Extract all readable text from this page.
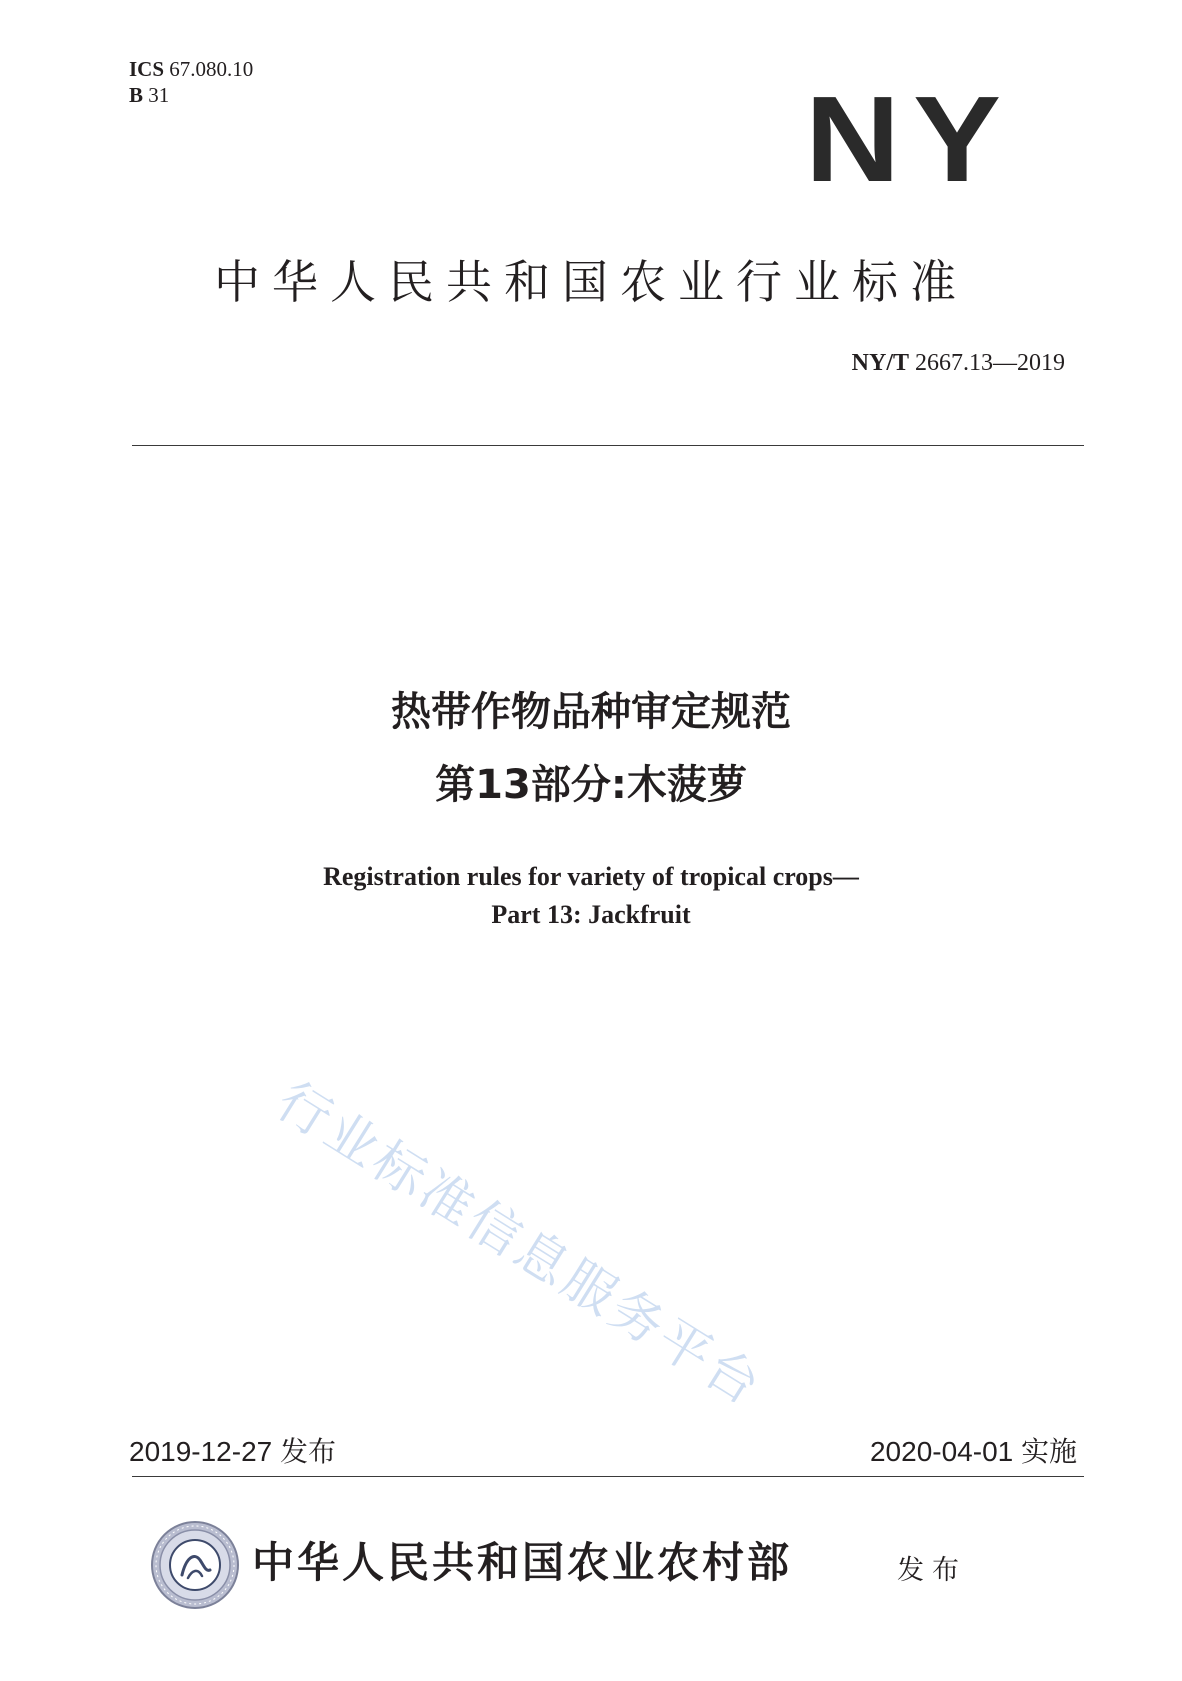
ICS 67.080.10
B 31	NY
中华人民共和国农业行业标准
NY/T 2667.13—2019
热带作物品种审定规范
第13部分:木菠萝
Registration rules for variety of tropical crops—
Part 13: Jackfruit
行业标准信息服务平台
2019-12-27 发布	2020-04-01 实施
中华人民共和国农业农村部	发布
